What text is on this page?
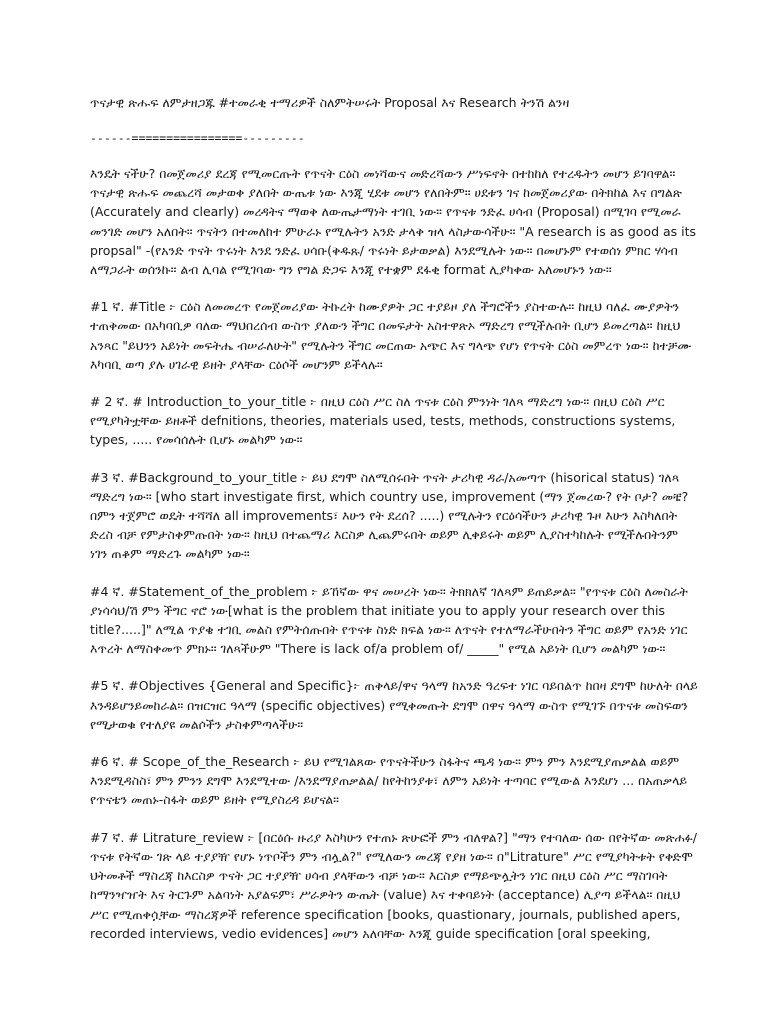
ጥናታዊ ጽሑፍ ለምታዘጋጁ #ተመራቂ ተማሪዎች ስለምትሠሩት Proposal እና Research ትንሽ ልንዛ

------================---------

እንዴት ናችሁ? በመጀመሪያ ደረጃ የሚመርጡት የጥናት ርዕስ መነሻውና መድረሻውን ሥነፍኖት በተከከለ የተረዱትን መሆን ይገባዋል። ጥናታዊ ጽሑፍ መጨረሻ መታወቀ ያለበት ውጤቱ ነው እንጂ ሂደቱ መሆን የለበትም። ሀደቱን ገና ከመጀመሪያው በትክከል እና በግልጽ (Accurately and clearly) መረዳትና ማወቅ ለውጤታማነት ተገቢ ነው። የጥናቱ ንድፈ ሀሳብ (Proposal) በሚገባ የሚመራ መንገድ መሆን አለበት። ጥናትን በተመለከተ ምሁራኑ የሚሉትን አንድ ታላቅ ዝላ ላስታውሳችሁ። "A research is as good as its propsal" -(የአንድ ጥናት ጥሩነት እንደ ንድፈ ሀሳቡ(ቅዱጹ/ ጥሩነት ይታወቃል) እንደሚሉት ነው። በመሆኑም የተወሰነ ምክር ሃሳብ ለማጋራት ወሰንኩ። ልብ ሊባል የሚገባው ግን የግል ድጋፍ እንጂ የተቋም ደፋቂ format ሊያካቀው አለመሆኑን ነው።

#1 ኛ. #Title ፦ ርዕስ ለመመረጥ የመጀመሪያው ትኩረት ከሙያዎት ጋር ተያይዞ ያለ ችግሮችን ያስተውሉ። ከዚህ ባለፈ ሙያዎትን ተጠቅመው በአካባቢዎ ባለው ማህበረሰብ ውስጥ ያለውን ችግር በመፍታት አስተዋጽኦ ማድረግ የሚችሉበት ቢሆን ይመረጣል። ከዚህ አንጻር "ይህንን አይነት መፍትሔ ብሠራለሁት" የሚሉትን ችግር መርጠው አጭር እና ግላጭ የሆነ የጥናት ርዕስ መምረጥ ነው። ከተቻሙ እካባቢ ወጣ ያሉ ሀገራዊ ይዘት ያላቸው ርዕሶች መሆንም ይችላሉ።

# 2 ኛ. # Introduction_to_your_title ፦ በዚህ ርዕስ ሥር ስለ ጥናቱ ርዕስ ምንነት ገለጻ ማድረግ ነው። በዚህ ርዕስ ሥር የሚያካትቷቸው ይዘቶች defnitions, theories, materials used, tests, methods, constructions systems, types, ..... የመሳሰሉት ቢሆኑ መልካም ነው።

#3 ኛ. #Background_to_your_title ፦ ይህ ደግሞ ስለሚሰሩበት ጥናት ታሪካዊ ዳራ/አመጣጥ (hisorical status) ገለጻ ማድረግ ነው። [who start investigate first, which country use, improvement (ማን ጀመረው? የት ቦታ? መቼ? በምን ተጀምሮ ወዴት ተሻሻለ all improvements፣ እሁን የት ደረሰ? .....) የሚሉትን የርዕሳችሁን ታሪካዊ ጉዞ እሁን እስካለበት ድረስ ብቻ የምታስቀምጡበት ነው። ከዚህ በተጨማሪ እርስዎ ሊጨምሩበት ወይም ሊቀይሩት ወይም ሊያስተካከሉት የሚችሉበትንም ነገን ጠቆም ማድረጉ መልካም ነው።

#4 ኛ. #Statement_of_the_problem ፦ ይኸኛው ዋና መሠረት ነው። ትክክለኛ ገለጻም ይጠይቃል። "የጥናቱ ርዕስ ለመስራት ያነሳሳህ/ሽ ምን ችግር ኖሮ ነው[what is the problem that initiate you to apply your research over this title?.....]" ለሚል ጥያቄ ተገቢ መልስ የምትሰጡበት የጥናቱ ስነድ ክፍል ነው። ለጥናት የተለማራችሁበትን ችግር ወይም የአንድ ነገር እጥረት ለማስቀመጥ ምክኑ። ገለጻችሁም "There is lack of/a problem of/ _____" የሚል አይነት ቢሆን መልካም ነው።

#5 ኛ. #Objectives {General and Specific}፦ ጠቅላይ/ዋና ዓላማ ከአንድ ዓረፍተ ነገር ባይበልጥ ከበዛ ደግሞ ከሁለት በላይ እንዳይሆንይመከራል። በዝርዝር ዓላማ (specific objectives) የሚቀመጡት ደግሞ በዋና ዓላማ ውስጥ የሚገኙ በጥናቱ መስፍወን የሚታወቁ የተለያዩ መልሶችን ታስቀምጣላችሁ።

#6 ኛ. # Scope_of_the_Research ፦ ይህ የሚገልጸው የጥናትችሁን ስፋትና ጫዳ ነው። ምን ምን እንደሚያጠቃልል ወይም እንደሚዳስስ፣ ምን ምንን ደግሞ እንደሚተው /እንደማያጠቃልል/ ከየትከንያቱ፣ ለምን አይነት ተጣባር የሚውል እንደሆነ ... በአጠቃላይ የጥናቴን መጠኑ-ስፋት ወይም ይዘት የሚያስረዳ ይሆናል።

#7 ኛ. # Litrature_review ፦ [በርዕሱ ዙሪያ እስካሁን የተጠኑ ጽሁፎች ምን ብለዋል?] "ማን የተባለው ሰው በየትኛው መጽሐፉ/ጥናቱ የትኛው ገጽ ላይ ተያያዥ የሆኑ ነጥቦችን ምን ብሏል?" የሚለውን መረጃ የያዘ ነው። በ"Litrature" ሥር የሚያካትቱት የቀድሞ ህትመቶች ማስረጃ ከእርስዎ ጥናት ጋር ተያያዥ ሀሳብ ያላቸውን ብቻ ነው። እርስዎ የማይጭሏትን ነገር በዚህ ርዕስ ሥር ማስገባት ከማንዣዠት እና ትርጉም አልባነት አያልፍም፣ ሥራዎትን ውጤት (value) እና ተቀባይነት (acceptance) ሊያጣ ይችላል። በዚህ ሥር የሚጠቀሷቸው ማስረጃዎች reference specification [books, quastionary, journals, published apers, recorded interviews, vedio evidences] መሆን አለባቸው እንጂ guide specification [oral speeking,
